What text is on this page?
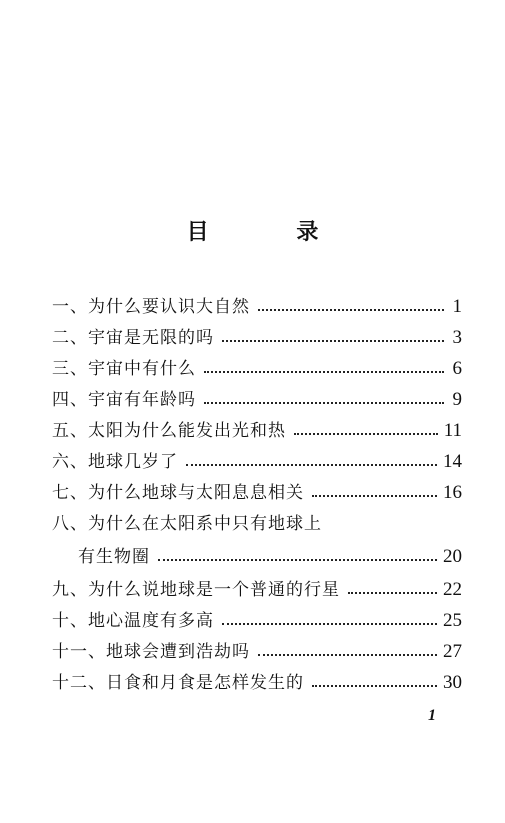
目 录
一、为什么要认识大自然	1
二、宇宙是无限的吗	3
三、宇宙中有什么	6
四、宇宙有年龄吗	9
五、太阳为什么能发出光和热	11
六、地球几岁了	14
七、为什么地球与太阳息息相关	16
八、为什么在太阳系中只有地球上
有生物圈	20
九、为什么说地球是一个普通的行星	22
十、地心温度有多高	25
十一、地球会遭到浩劫吗	27
十二、日食和月食是怎样发生的	30
1
